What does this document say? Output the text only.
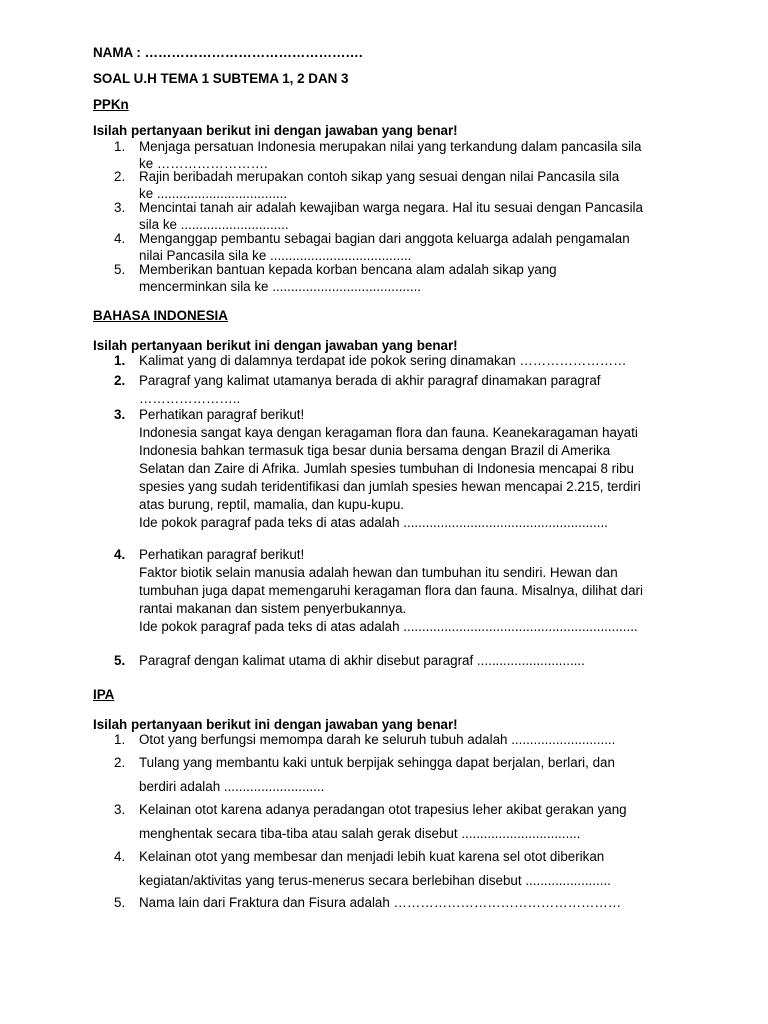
NAMA : ………………………………………….
SOAL U.H TEMA 1 SUBTEMA 1, 2 DAN 3
PPKn
Isilah pertanyaan berikut ini dengan jawaban yang benar!
1.	Menjaga persatuan Indonesia merupakan nilai yang terkandung dalam pancasila sila
ke …………………….
2.	Rajin beribadah merupakan contoh sikap yang sesuai dengan nilai Pancasila sila
ke ...................................
3.	Mencintai tanah air adalah kewajiban warga negara. Hal itu sesuai dengan Pancasila
sila ke .............................
4.	Menganggap pembantu sebagai bagian dari anggota keluarga adalah pengamalan
nilai Pancasila sila ke ......................................
5.	Memberikan bantuan kepada korban bencana alam adalah sikap yang
mencerminkan sila ke ........................................
BAHASA INDONESIA
Isilah pertanyaan berikut ini dengan jawaban yang benar!
1.	Kalimat yang di dalamnya terdapat ide pokok sering dinamakan ……………………
2.	Paragraf yang kalimat utamanya berada di akhir paragraf dinamakan paragraf
…………………..
3.	Perhatikan paragraf berikut!
Indonesia sangat kaya dengan keragaman flora dan fauna. Keanekaragaman hayati
Indonesia bahkan termasuk tiga besar dunia bersama dengan Brazil di Amerika
Selatan dan Zaire di Afrika. Jumlah spesies tumbuhan di Indonesia mencapai 8 ribu
spesies yang sudah teridentifikasi dan jumlah spesies hewan mencapai 2.215, terdiri
atas burung, reptil, mamalia, dan kupu-kupu.
Ide pokok paragraf pada teks di atas adalah .......................................................
4.	Perhatikan paragraf berikut!
Faktor biotik selain manusia adalah hewan dan tumbuhan itu sendiri. Hewan dan
tumbuhan juga dapat memengaruhi keragaman flora dan fauna. Misalnya, dilihat dari
rantai makanan dan sistem penyerbukannya.
Ide pokok paragraf pada teks di atas adalah ...............................................................
5.	Paragraf dengan kalimat utama di akhir disebut paragraf .............................
IPA
Isilah pertanyaan berikut ini dengan jawaban yang benar!
1.	Otot yang berfungsi memompa darah ke seluruh tubuh adalah ............................
2.	Tulang yang membantu kaki untuk berpijak sehingga dapat berjalan, berlari, dan
berdiri adalah ...........................
3.	Kelainan otot karena adanya peradangan otot trapesius leher akibat gerakan yang
menghentak secara tiba-tiba atau salah gerak disebut ................................
4.	Kelainan otot yang membesar dan menjadi lebih kuat karena sel otot diberikan
kegiatan/aktivitas yang terus-menerus secara berlebihan disebut .......................
5.	Nama lain dari Fraktura dan Fisura adalah ……………………………………………
